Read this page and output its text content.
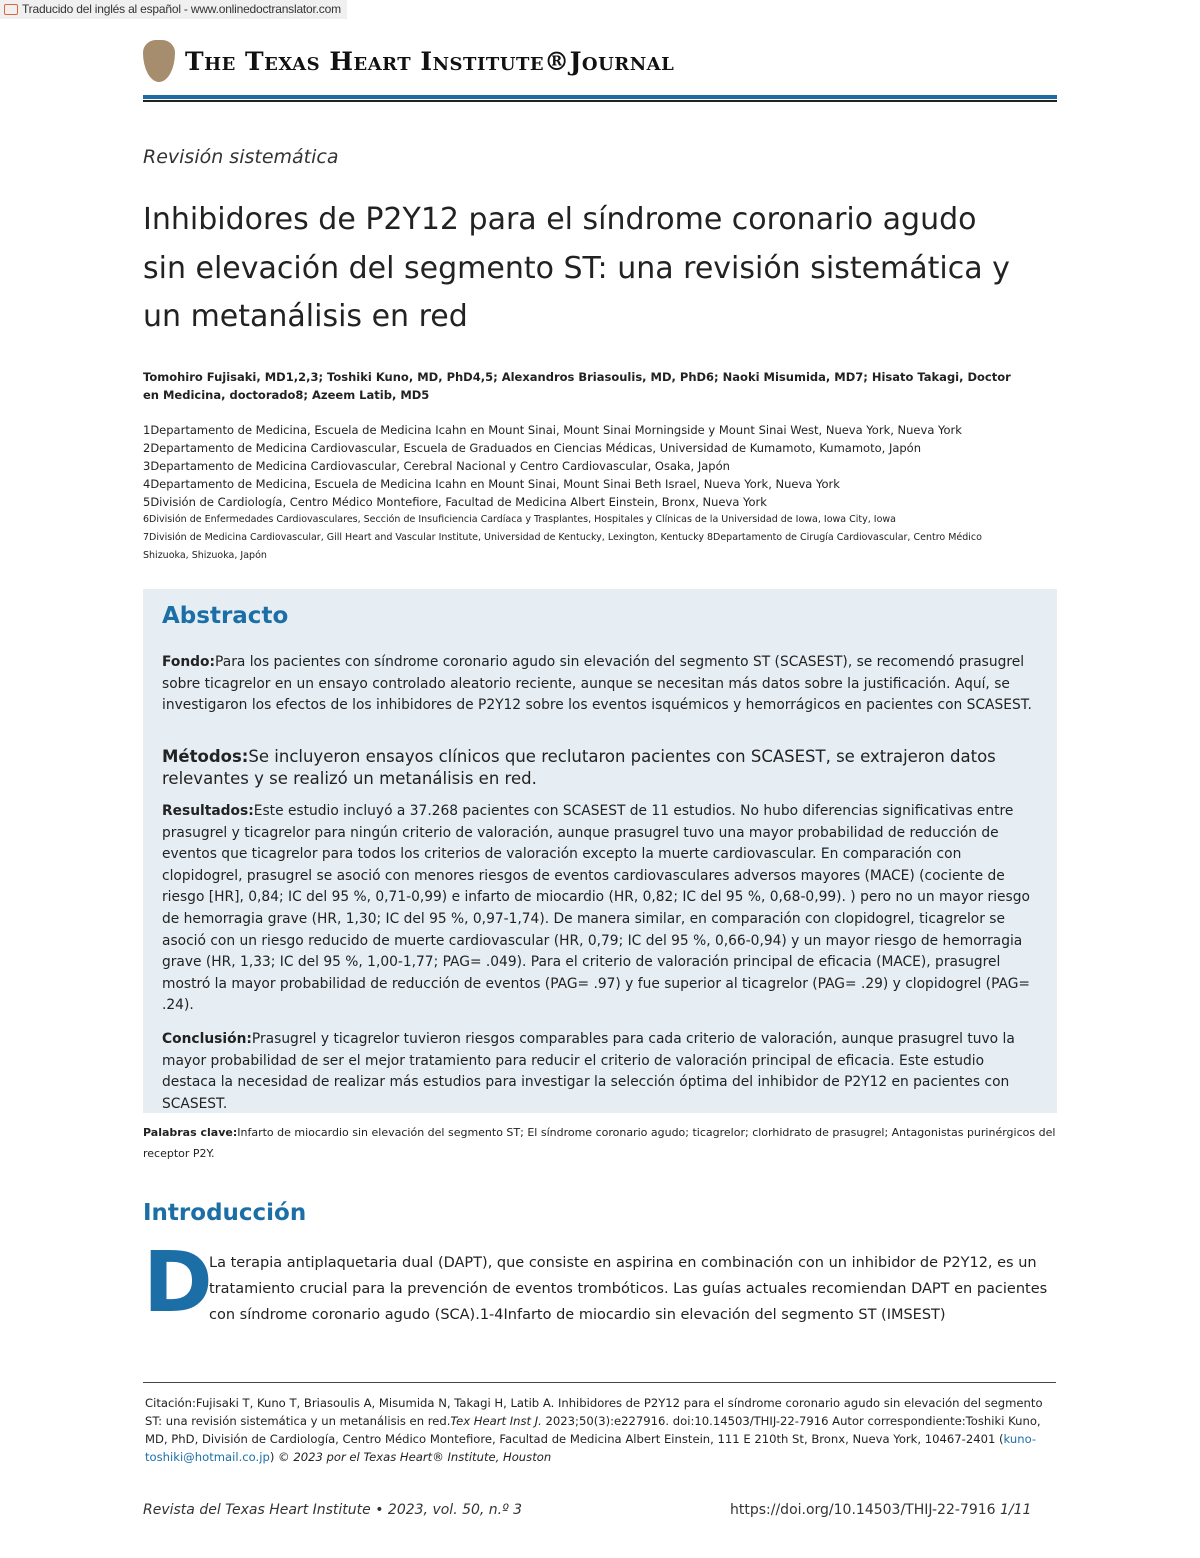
Traducido del inglés al español - www.onlinedoctranslator.com
The Texas Heart Institute®Journal
Revisión sistemática
Inhibidores de P2Y12 para el síndrome coronario agudo sin elevación del segmento ST: una revisión sistemática y un metanálisis en red
Tomohiro Fujisaki, MD1,2,3; Toshiki Kuno, MD, PhD4,5; Alexandros Briasoulis, MD, PhD6; Naoki Misumida, MD7; Hisato Takagi, Doctor en Medicina, doctorado8; Azeem Latib, MD5
1Departamento de Medicina, Escuela de Medicina Icahn en Mount Sinai, Mount Sinai Morningside y Mount Sinai West, Nueva York, Nueva York
2Departamento de Medicina Cardiovascular, Escuela de Graduados en Ciencias Médicas, Universidad de Kumamoto, Kumamoto, Japón 3Departamento de Medicina Cardiovascular, Cerebral Nacional y Centro Cardiovascular, Osaka, Japón
4Departamento de Medicina, Escuela de Medicina Icahn en Mount Sinai, Mount Sinai Beth Israel, Nueva York, Nueva York
5División de Cardiología, Centro Médico Montefiore, Facultad de Medicina Albert Einstein, Bronx, Nueva York
6División de Enfermedades Cardiovasculares, Sección de Insuficiencia Cardíaca y Trasplantes, Hospitales y Clínicas de la Universidad de Iowa, Iowa City, Iowa
7División de Medicina Cardiovascular, Gill Heart and Vascular Institute, Universidad de Kentucky, Lexington, Kentucky 8Departamento de Cirugía Cardiovascular, Centro Médico Shizuoka, Shizuoka, Japón
Abstracto
Fondo:Para los pacientes con síndrome coronario agudo sin elevación del segmento ST (SCASEST), se recomendó prasugrel sobre ticagrelor en un ensayo controlado aleatorio reciente, aunque se necesitan más datos sobre la justificación. Aquí, se investigaron los efectos de los inhibidores de P2Y12 sobre los eventos isquémicos y hemorrágicos en pacientes con SCASEST.
Métodos:Se incluyeron ensayos clínicos que reclutaron pacientes con SCASEST, se extrajeron datos relevantes y se realizó un metanálisis en red.
Resultados:Este estudio incluyó a 37.268 pacientes con SCASEST de 11 estudios. No hubo diferencias significativas entre prasugrel y ticagrelor para ningún criterio de valoración, aunque prasugrel tuvo una mayor probabilidad de reducción de eventos que ticagrelor para todos los criterios de valoración excepto la muerte cardiovascular. En comparación con clopidogrel, prasugrel se asoció con menores riesgos de eventos cardiovasculares adversos mayores (MACE) (cociente de riesgo [HR], 0,84; IC del 95 %, 0,71-0,99) e infarto de miocardio (HR, 0,82; IC del 95 %, 0,68-0,99). ) pero no un mayor riesgo de hemorragia grave (HR, 1,30; IC del 95 %, 0,97-1,74). De manera similar, en comparación con clopidogrel, ticagrelor se asoció con un riesgo reducido de muerte cardiovascular (HR, 0,79; IC del 95 %, 0,66-0,94) y un mayor riesgo de hemorragia grave (HR, 1,33; IC del 95 %, 1,00-1,77; PAG= .049). Para el criterio de valoración principal de eficacia (MACE), prasugrel mostró la mayor probabilidad de reducción de eventos (PAG= .97) y fue superior al ticagrelor (PAG= .29) y clopidogrel (PAG= .24).
Conclusión:Prasugrel y ticagrelor tuvieron riesgos comparables para cada criterio de valoración, aunque prasugrel tuvo la mayor probabilidad de ser el mejor tratamiento para reducir el criterio de valoración principal de eficacia. Este estudio destaca la necesidad de realizar más estudios para investigar la selección óptima del inhibidor de P2Y12 en pacientes con SCASEST.
Palabras clave:Infarto de miocardio sin elevación del segmento ST; El síndrome coronario agudo; ticagrelor; clorhidrato de prasugrel; Antagonistas purinérgicos del receptor P2Y.
Introducción
D
La terapia antiplaquetaria dual (DAPT), que consiste en aspirina en combinación con un inhibidor de P2Y12, es un tratamiento crucial para la prevención de eventos trombóticos. Las guías actuales recomiendan DAPT en pacientes con síndrome coronario agudo (SCA).1-4Infarto de miocardio sin elevación del segmento ST (IMSEST)
Citación:Fujisaki T, Kuno T, Briasoulis A, Misumida N, Takagi H, Latib A. Inhibidores de P2Y12 para el síndrome coronario agudo sin elevación del segmento ST: una revisión sistemática y un metanálisis en red.Tex Heart Inst J. 2023;50(3):e227916. doi:10.14503/THIJ-22-7916 Autor correspondiente:Toshiki Kuno, MD, PhD, División de Cardiología, Centro Médico Montefiore, Facultad de Medicina Albert Einstein, 111 E 210th St, Bronx, Nueva York, 10467-2401 (kuno-toshiki@hotmail.co.jp) © 2023 por el Texas Heart® Institute, Houston
Revista del Texas Heart Institute • 2023, vol. 50, n.º 3	https://doi.org/10.14503/THIJ-22-7916 1/11
